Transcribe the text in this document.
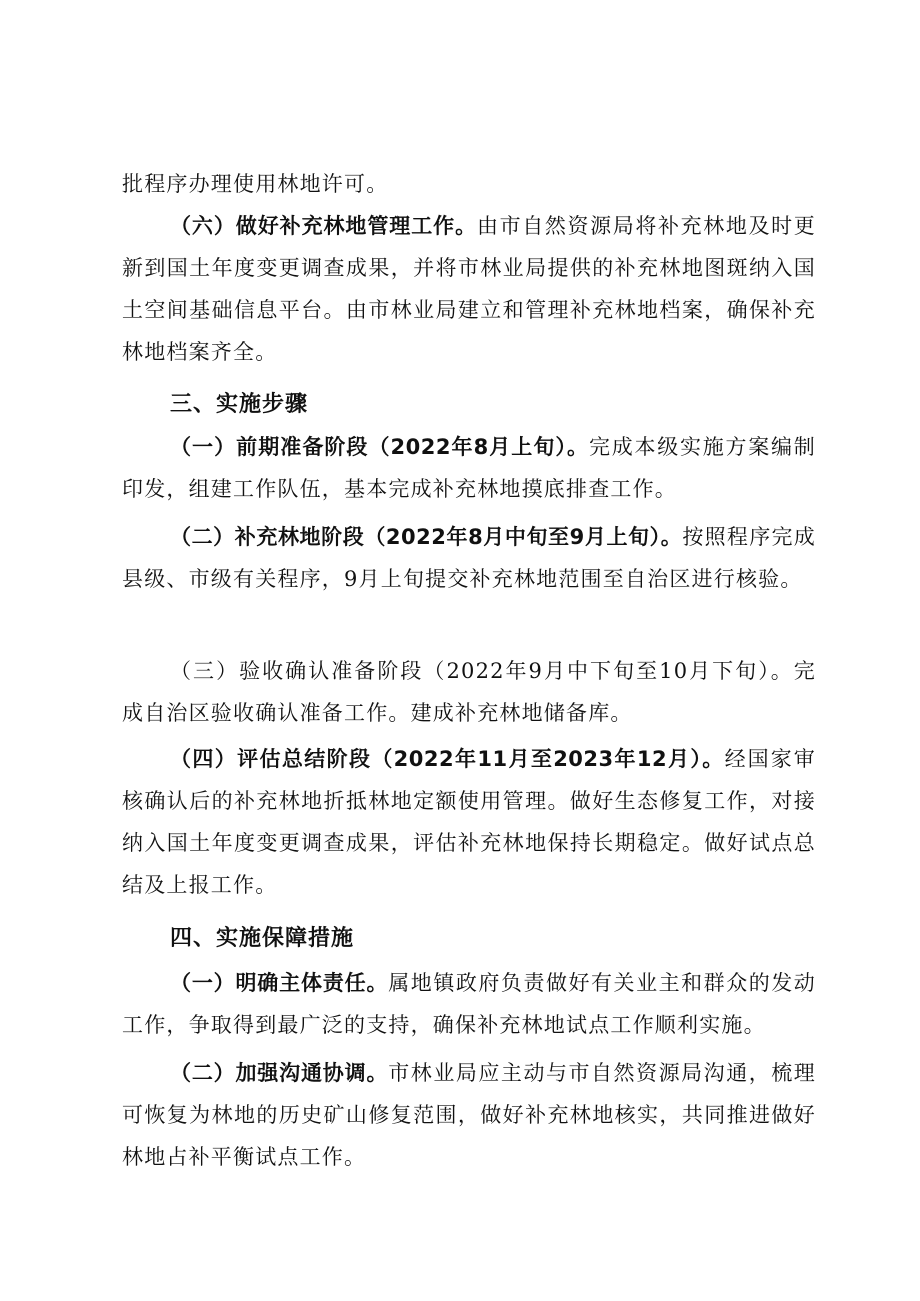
批程序办理使用林地许可。

（六）做好补充林地管理工作。由市自然资源局将补充林地及时更新到国土年度变更调查成果，并将市林业局提供的补充林地图斑纳入国土空间基础信息平台。由市林业局建立和管理补充林地档案，确保补充林地档案齐全。

三、实施步骤

（一）前期准备阶段（2022年8月上旬）。完成本级实施方案编制印发，组建工作队伍，基本完成补充林地摸底排查工作。

（二）补充林地阶段（2022年8月中旬至9月上旬）。按照程序完成县级、市级有关程序，9月上旬提交补充林地范围至自治区进行核验。

（三）验收确认准备阶段（2022年9月中下旬至10月下旬）。完成自治区验收确认准备工作。建成补充林地储备库。

（四）评估总结阶段（2022年11月至2023年12月）。经国家审核确认后的补充林地折抵林地定额使用管理。做好生态修复工作，对接纳入国土年度变更调查成果，评估补充林地保持长期稳定。做好试点总结及上报工作。

四、实施保障措施

（一）明确主体责任。属地镇政府负责做好有关业主和群众的发动工作，争取得到最广泛的支持，确保补充林地试点工作顺利实施。

（二）加强沟通协调。市林业局应主动与市自然资源局沟通，梳理可恢复为林地的历史矿山修复范围，做好补充林地核实，共同推进做好林地占补平衡试点工作。
